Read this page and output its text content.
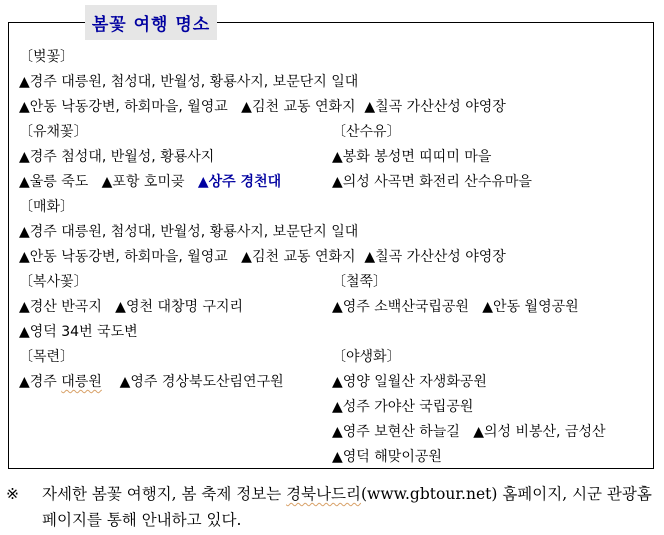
봄꽃 여행 명소
〔벚꽃〕
▲경주 대릉원, 첨성대, 반월성, 황룡사지, 보문단지 일대
▲안동 낙동강변, 하회마을, 월영교   ▲김천 교동 연화지  ▲칠곡 가산산성 야영장
〔유채꽃〕
▲경주 첨성대, 반월성, 황룡사지
▲울릉 죽도   ▲포항 호미곶   ▲상주 경천대
〔산수유〕
▲봉화 봉성면 띠띠미 마을
▲의성 사곡면 화전리 산수유마을
〔매화〕
▲경주 대릉원, 첨성대, 반월성, 황룡사지, 보문단지 일대
▲안동 낙동강변, 하회마을, 월영교   ▲김천 교동 연화지  ▲칠곡 가산산성 야영장
〔복사꽃〕
▲경산 반곡지   ▲영천 대창명 구지리
▲영덕 34번 국도변
〔철쭉〕
▲영주 소백산국립공원   ▲안동 월영공원
〔목련〕
▲경주 대릉원    ▲영주 경상북도산림연구원
〔야생화〕
▲영양 일월산 자생화공원
▲성주 가야산 국립공원
▲영주 보현산 하늘길   ▲의성 비봉산, 금성산
▲영덕 해맞이공원
※	자세한 봄꽃 여행지, 봄 축제 정보는 경북나드리(www.gbtour.net) 홈페이지, 시군 관광홈페이지를 통해 안내하고 있다.
